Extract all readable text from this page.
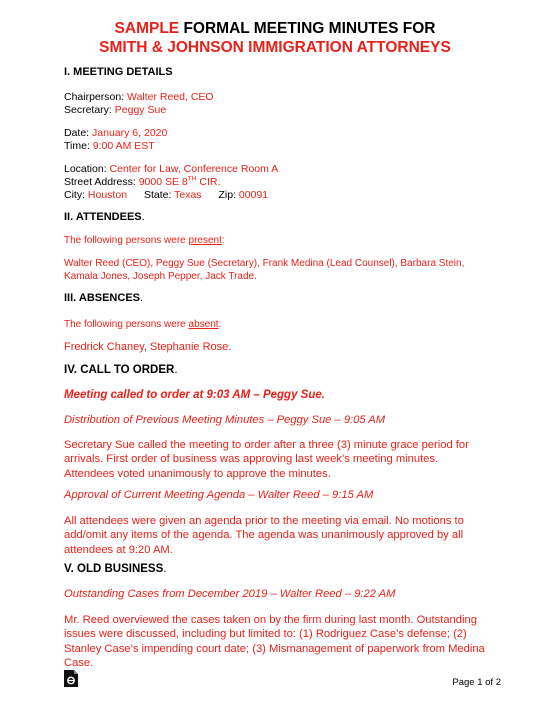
SAMPLE FORMAL MEETING MINUTES FOR
SMITH & JOHNSON IMMIGRATION ATTORNEYS
I. MEETING DETAILS
Chairperson: Walter Reed, CEO
Secretary: Peggy Sue
Date: January 6, 2020
Time: 9:00 AM EST
Location: Center for Law, Conference Room A
Street Address: 9000 SE 8TH CIR.
City: Houston State: Texas Zip: 00091
II. ATTENDEES.
The following persons were present:
Walter Reed (CEO), Peggy Sue (Secretary), Frank Medina (Lead Counsel), Barbara Stein, Kamala Jones, Joseph Pepper, Jack Trade.
III. ABSENCES.
The following persons were absent:
Fredrick Chaney, Stephanie Rose.
IV. CALL TO ORDER.
Meeting called to order at 9:03 AM – Peggy Sue.
Distribution of Previous Meeting Minutes – Peggy Sue – 9:05 AM
Secretary Sue called the meeting to order after a three (3) minute grace period for arrivals. First order of business was approving last week’s meeting minutes. Attendees voted unanimously to approve the minutes.
Approval of Current Meeting Agenda – Walter Reed – 9:15 AM
All attendees were given an agenda prior to the meeting via email. No motions to add/omit any items of the agenda. The agenda was unanimously approved by all attendees at 9:20 AM.
V. OLD BUSINESS.
Outstanding Cases from December 2019 – Walter Reed – 9:22 AM
Mr. Reed overviewed the cases taken on by the firm during last month. Outstanding issues were discussed, including but limited to: (1) Rodriguez Case’s defense; (2) Stanley Case’s impending court date; (3) Mismanagement of paperwork from Medina Case.
Page 1 of 2
